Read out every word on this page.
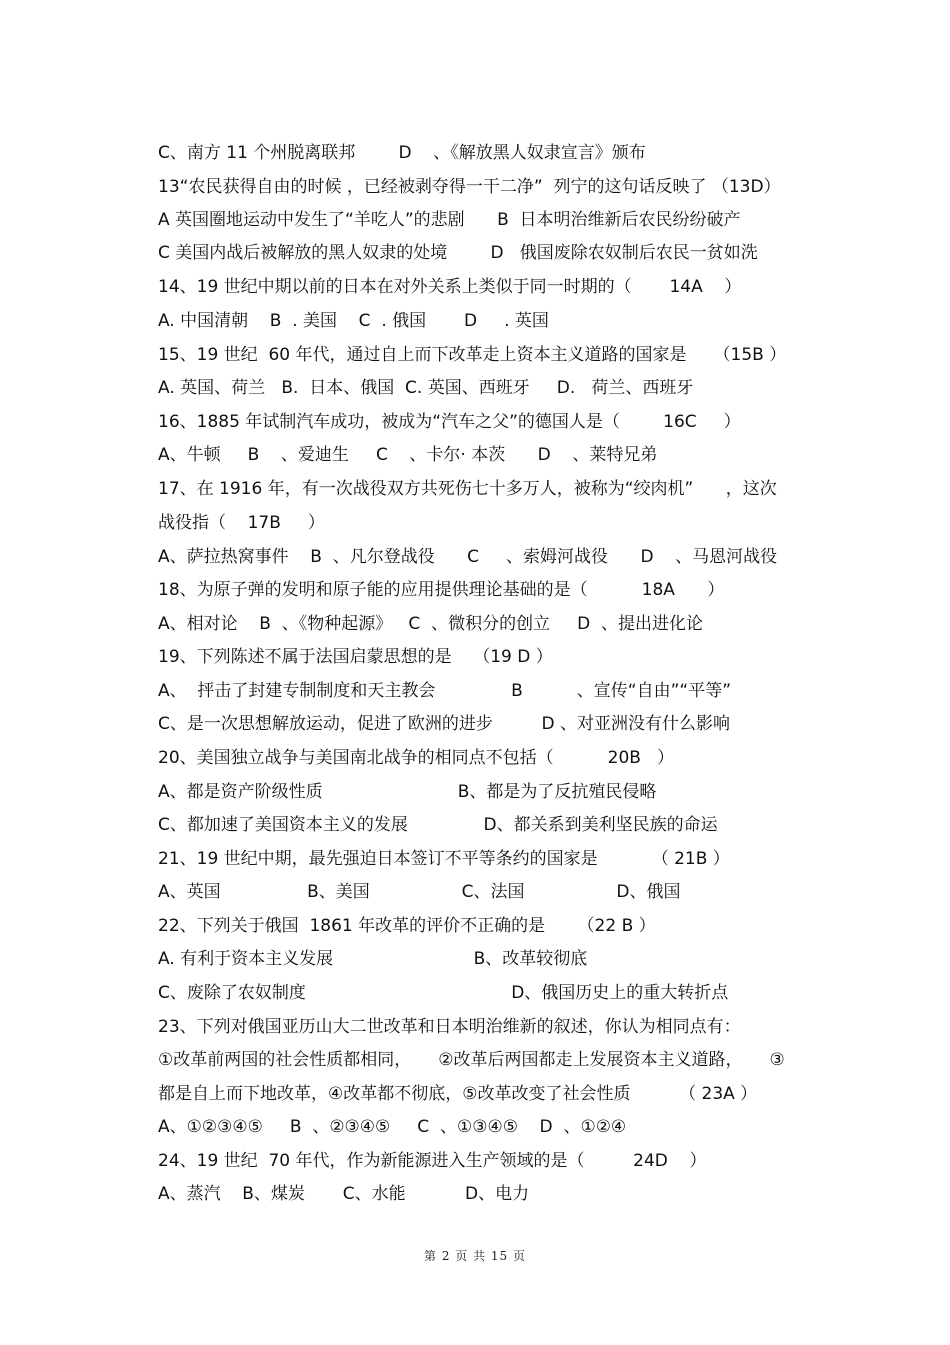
C、南方 11 个州脱离联邦        D    、《解放黑人奴隶宣言》颁布
13“农民获得自由的时候 ，已经被剥夺得一干二净”  列宁的这句话反映了 （13D）
A 英国圈地运动中发生了“羊吃人”的悲剧      B  日本明治维新后农民纷纷破产
C 美国内战后被解放的黑人奴隶的处境        D   俄国废除农奴制后农民一贫如洗
14、19 世纪中期以前的日本在对外关系上类似于同一时期的（       14A    ）
A. 中国清朝    B  . 美国    C  . 俄国       D     . 英国
15、19 世纪  60 年代，通过自上而下改革走上资本主义道路的国家是     （15B ）
A. 英国、荷兰   B.  日本、俄国  C. 英国、西班牙     D.   荷兰、西班牙
16、1885 年试制汽车成功，被成为“汽车之父”的德国人是（        16C     ）
A、牛顿     B    、爱迪生     C    、卡尔· 本茨      D    、莱特兄弟
17、在 1916 年，有一次战役双方共死伤七十多万人，被称为“绞肉机”      ，这次
战役指（    17B     ）
A、萨拉热窝事件    B  、凡尔登战役      C     、索姆河战役      D    、马恩河战役
18、为原子弹的发明和原子能的应用提供理论基础的是（          18A      ）
A、相对论    B  、《物种起源》   C  、微积分的创立     D  、提出进化论
19、下列陈述不属于法国启蒙思想的是    （19 D ）
A、  抨击了封建专制制度和天主教会              B          、宣传“自由”“平等”
C、是一次思想解放运动，促进了欧洲的进步         D 、对亚洲没有什么影响
20、美国独立战争与美国南北战争的相同点不包括（          20B   ）
A、都是资产阶级性质                         B、都是为了反抗殖民侵略
C、都加速了美国资本主义的发展              D、都关系到美利坚民族的命运
21、19 世纪中期，最先强迫日本签订不平等条约的国家是          （ 21B ）
A、英国                B、美国                 C、法国                 D、俄国
22、下列关于俄国  1861 年改革的评价不正确的是      （22 B ）
A. 有利于资本主义发展                          B、改革较彻底
C、废除了农奴制度                                      D、俄国历史上的重大转折点
23、下列对俄国亚历山大二世改革和日本明治维新的叙述，你认为相同点有：
①改革前两国的社会性质都相同，     ②改革后两国都走上发展资本主义道路，     ③
都是自上而下地改革，④改革都不彻底，⑤改革改变了社会性质         （ 23A ）
A、①②③④⑤     B  、②③④⑤     C  、①③④⑤    D  、①②④
24、19 世纪  70 年代，作为新能源进入生产领域的是（         24D    ）
A、蒸汽    B、煤炭       C、水能           D、电力
第 2 页 共 15 页
